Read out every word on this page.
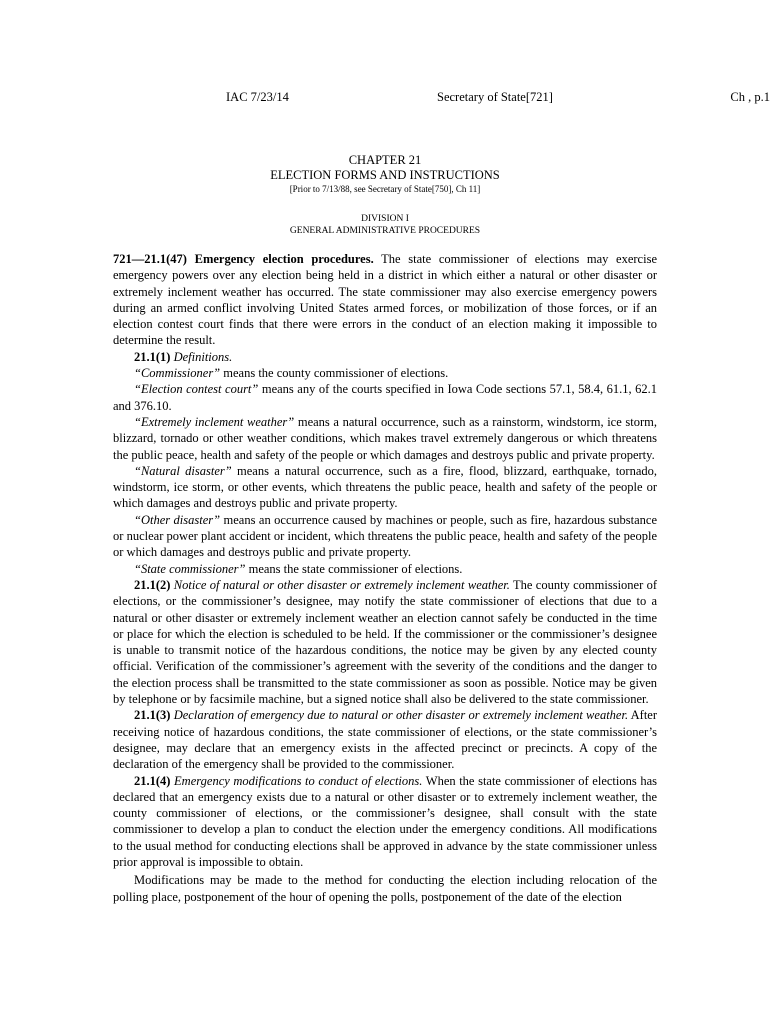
IAC 7/23/14	Secretary of State[721]	Ch , p.1
CHAPTER 21
ELECTION FORMS AND INSTRUCTIONS
[Prior to 7/13/88, see Secretary of State[750], Ch 11]
DIVISION I
GENERAL ADMINISTRATIVE PROCEDURES

721—21.1(47) Emergency election procedures. The state commissioner of elections may exercise emergency powers over any election being held in a district in which either a natural or other disaster or extremely inclement weather has occurred. The state commissioner may also exercise emergency powers during an armed conflict involving United States armed forces, or mobilization of those forces, or if an election contest court finds that there were errors in the conduct of an election making it impossible to determine the result.

21.1(1) Definitions.

“Commissioner” means the county commissioner of elections.

“Election contest court” means any of the courts specified in Iowa Code sections 57.1, 58.4, 61.1, 62.1 and 376.10.

“Extremely inclement weather” means a natural occurrence, such as a rainstorm, windstorm, ice storm, blizzard, tornado or other weather conditions, which makes travel extremely dangerous or which threatens the public peace, health and safety of the people or which damages and destroys public and private property.

“Natural disaster” means a natural occurrence, such as a fire, flood, blizzard, earthquake, tornado, windstorm, ice storm, or other events, which threatens the public peace, health and safety of the people or which damages and destroys public and private property.

“Other disaster” means an occurrence caused by machines or people, such as fire, hazardous substance or nuclear power plant accident or incident, which threatens the public peace, health and safety of the people or which damages and destroys public and private property.

“State commissioner” means the state commissioner of elections.

21.1(2) Notice of natural or other disaster or extremely inclement weather. The county commissioner of elections, or the commissioner’s designee, may notify the state commissioner of elections that due to a natural or other disaster or extremely inclement weather an election cannot safely be conducted in the time or place for which the election is scheduled to be held. If the commissioner or the commissioner’s designee is unable to transmit notice of the hazardous conditions, the notice may be given by any elected county official. Verification of the commissioner’s agreement with the severity of the conditions and the danger to the election process shall be transmitted to the state commissioner as soon as possible. Notice may be given by telephone or by facsimile machine, but a signed notice shall also be delivered to the state commissioner.

21.1(3) Declaration of emergency due to natural or other disaster or extremely inclement weather. After receiving notice of hazardous conditions, the state commissioner of elections, or the state commissioner’s designee, may declare that an emergency exists in the affected precinct or precincts. A copy of the declaration of the emergency shall be provided to the commissioner.

21.1(4) Emergency modifications to conduct of elections. When the state commissioner of elections has declared that an emergency exists due to a natural or other disaster or to extremely inclement weather, the county commissioner of elections, or the commissioner’s designee, shall consult with the state commissioner to develop a plan to conduct the election under the emergency conditions. All modifications to the usual method for conducting elections shall be approved in advance by the state commissioner unless prior approval is impossible to obtain.

Modifications may be made to the method for conducting the election including relocation of the polling place, postponement of the hour of opening the polls, postponement of the date of the election
